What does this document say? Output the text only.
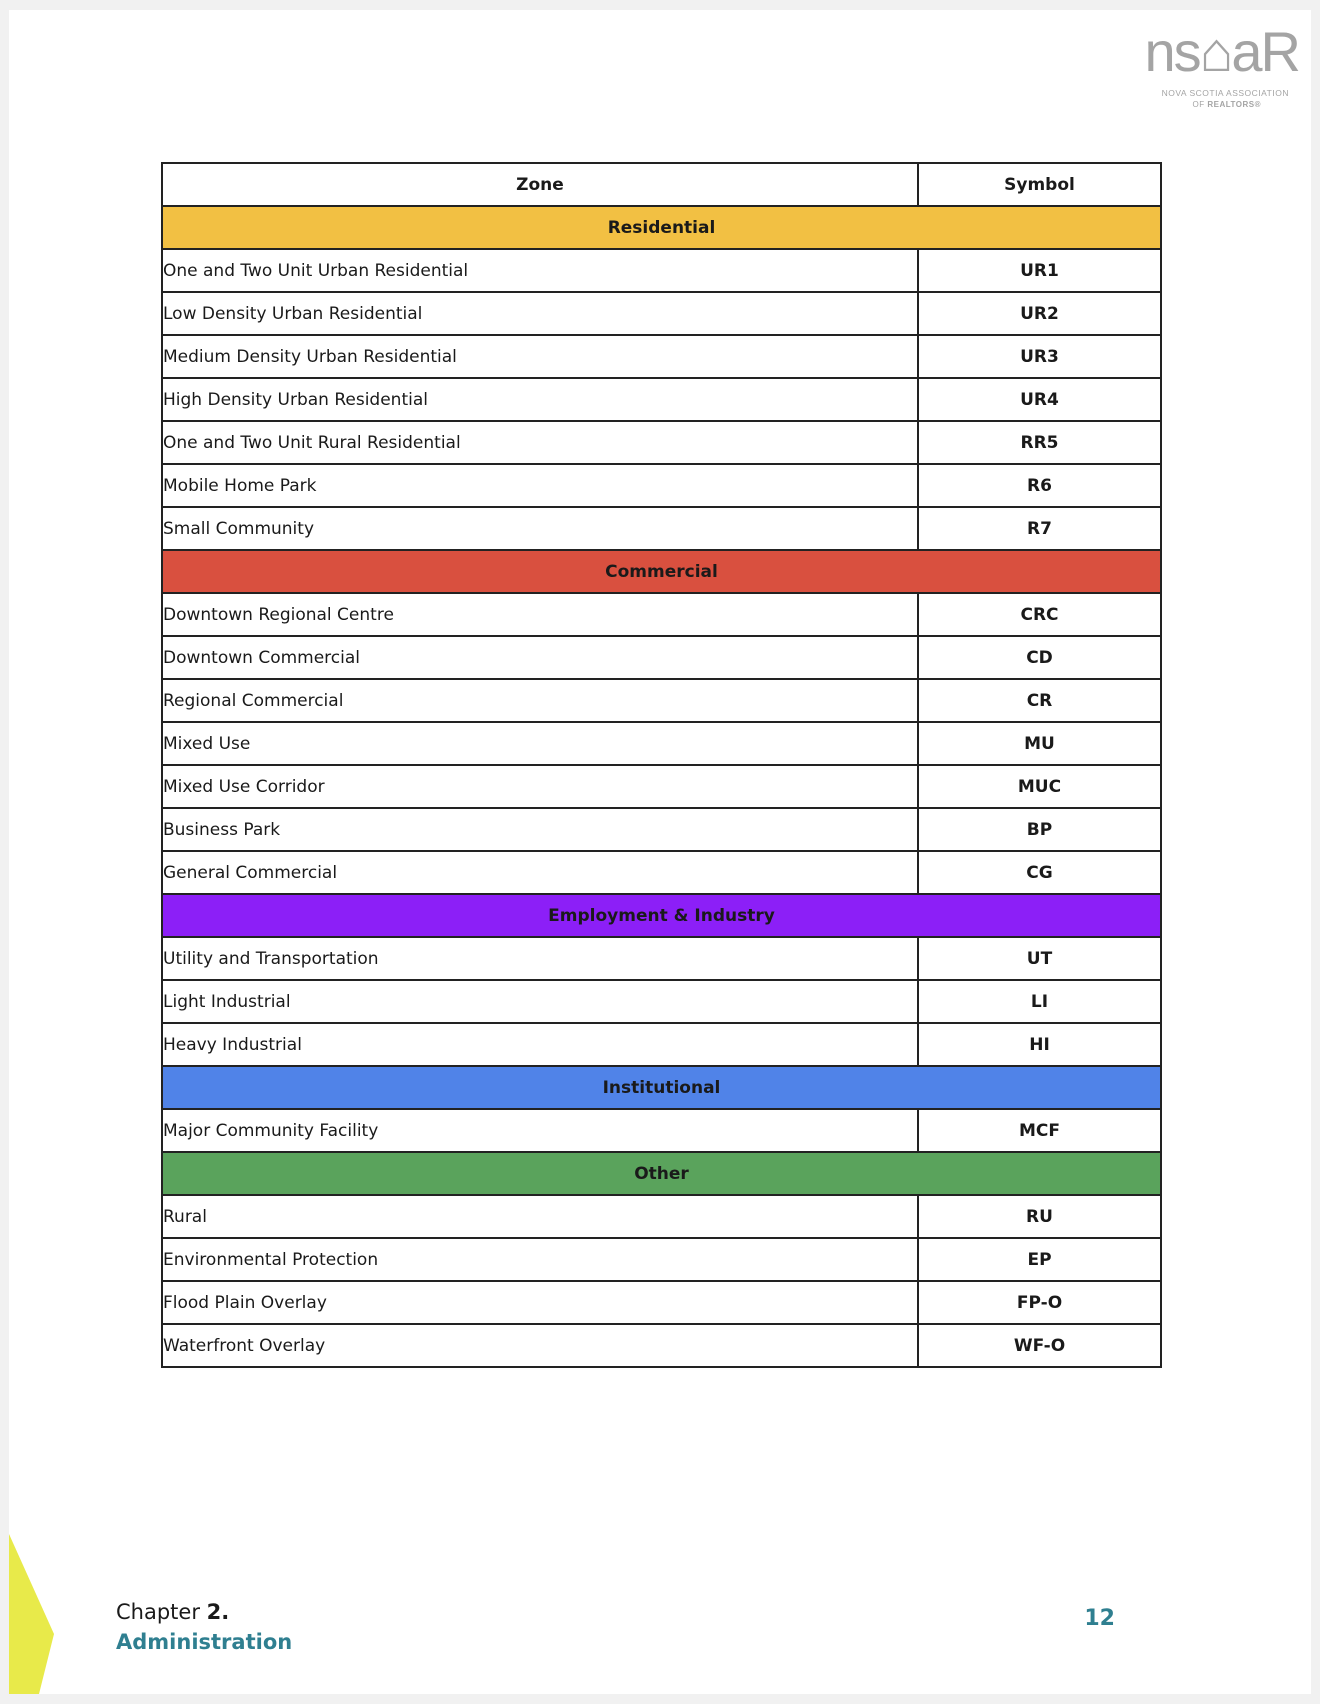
ns⌂aR
NOVA SCOTIA ASSOCIATION
OF REALTORS®
Zone	Symbol
Residential	
One and Two Unit Urban Residential	UR1
Low Density Urban Residential	UR2
Medium Density Urban Residential	UR3
High Density Urban Residential	UR4
One and Two Unit Rural Residential	RR5
Mobile Home Park	R6
Small Community	R7
Commercial	
Downtown Regional Centre	CRC
Downtown Commercial	CD
Regional Commercial	CR
Mixed Use	MU
Mixed Use Corridor	MUC
Business Park	BP
General Commercial	CG
Employment & Industry	
Utility and Transportation	UT
Light Industrial	LI
Heavy Industrial	HI
Institutional	
Major Community Facility	MCF
Other	
Rural	RU
Environmental Protection	EP
Flood Plain Overlay	FP-O
Waterfront Overlay	WF-O
Chapter 2.
Administration
12
